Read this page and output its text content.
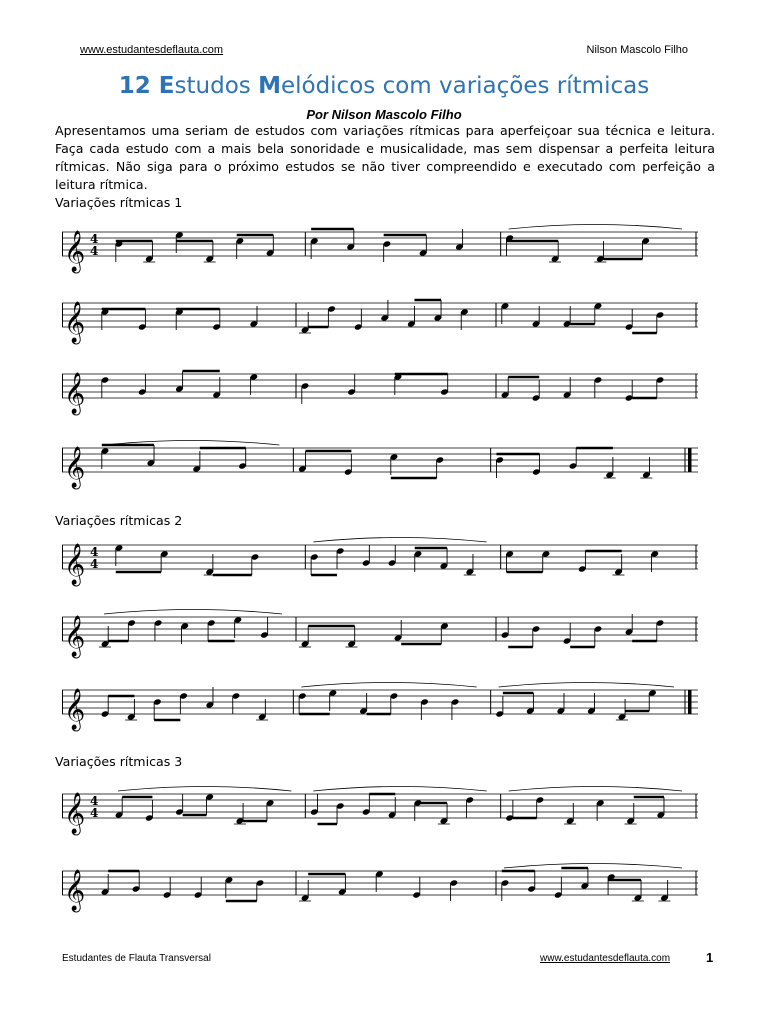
www.estudantesdeflauta.com	Nilson Mascolo Filho
12 Estudos Melódicos com variações rítmicas
Por Nilson Mascolo Filho
Apresentamos uma seriam de estudos com variações rítmicas para aperfeiçoar sua técnica e leitura. Faça cada estudo com a mais bela sonoridade e musicalidade, mas sem dispensar a perfeita leitura rítmicas. Não siga para o próximo estudos se não tiver compreendido e executado com perfeição a leitura rítmica.
Variações rítmicas 1
𝄞 4
4
𝄞
𝄞
𝄞
Variações rítmicas 2
𝄞 4
4
𝄞
𝄞
Variações rítmicas 3
𝄞 4
4
𝄞
Estudantes de Flauta Transversal	www.estudantesdeflauta.com	1
